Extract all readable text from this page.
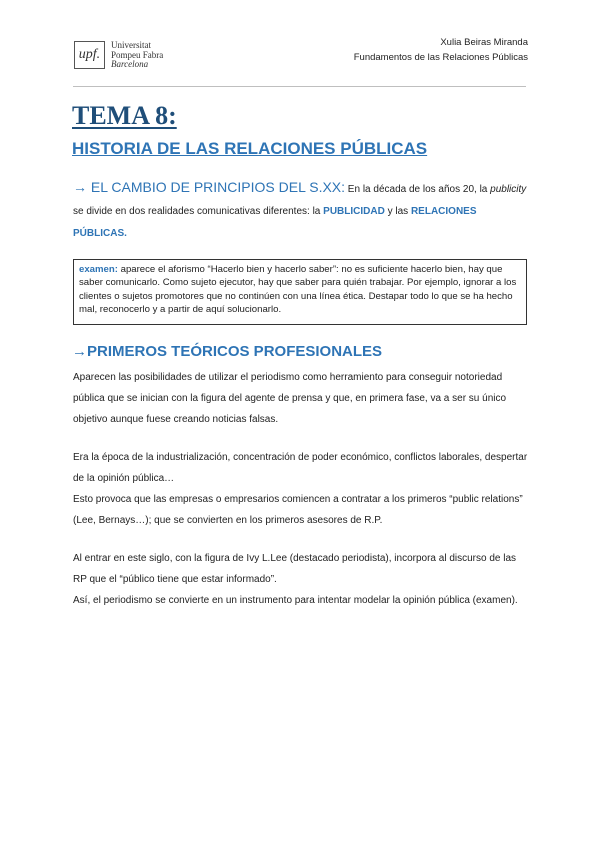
upf.
Universitat
Pompeu Fabra
Barcelona
Xulia Beiras Miranda
Fundamentos de las Relaciones Públicas
TEMA 8:
HISTORIA DE LAS RELACIONES PÚBLICAS
→ EL CAMBIO DE PRINCIPIOS DEL S.XX: En la década de los años 20, la publicity se divide en dos realidades comunicativas diferentes: la PUBLICIDAD y las RELACIONES PÚBLICAS.
examen: aparece el aforismo “Hacerlo bien y hacerlo saber”: no es suficiente hacerlo bien, hay que saber comunicarlo. Como sujeto ejecutor, hay que saber para quién trabajar. Por ejemplo, ignorar a los clientes o sujetos promotores que no continúen con una línea ética. Destapar todo lo que se ha hecho mal, reconocerlo y a partir de aquí solucionarlo.
→PRIMEROS TEÓRICOS PROFESIONALES

Aparecen las posibilidades de utilizar el periodismo como herramiento para conseguir notoriedad pública que se inician con la figura del agente de prensa y que, en primera fase, va a ser su único objetivo aunque fuese creando noticias falsas.

Era la época de la industrialización, concentración de poder económico, conflictos laborales, despertar de la opinión pública…

Esto provoca que las empresas o empresarios comiencen a contratar a los primeros “public relations” (Lee, Bernays…); que se convierten en los primeros asesores de R.P.

Al entrar en este siglo, con la figura de Ivy L.Lee (destacado periodista), incorpora al discurso de las RP que el “público tiene que estar informado”.

Así, el periodismo se convierte en un instrumento para intentar modelar la opinión pública (examen).
